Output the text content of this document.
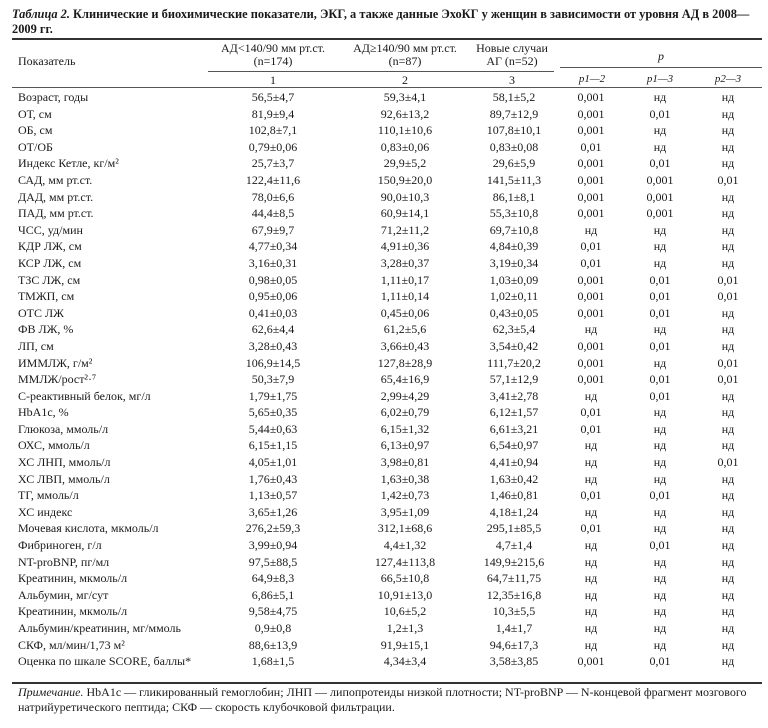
Таблица 2. Клинические и биохимические показатели, ЭКГ, а также данные ЭхоКГ у женщин в зависимости от уровня АД в 2008—2009 гг.
Показатель
АД<140/90 мм рт.ст.
(n=174)
АД≥140/90 мм рт.ст.
(n=87)
Новые случаи
АГ (n=52)	p
1	2	3	p1—2	p1—3	p2—3
Возраст, годы	56,5±4,7	59,3±4,1	58,1±5,2	0,001	нд	нд
ОТ, см	81,9±9,4	92,6±13,2	89,7±12,9	0,001	0,01	нд
ОБ, см	102,8±7,1	110,1±10,6	107,8±10,1	0,001	нд	нд
ОТ/ОБ	0,79±0,06	0,83±0,06	0,83±0,08	0,01	нд	нд
Индекс Кетле, кг/м²	25,7±3,7	29,9±5,2	29,6±5,9	0,001	0,01	нд
САД, мм рт.ст.	122,4±11,6	150,9±20,0	141,5±11,3	0,001	0,001	0,01
ДАД, мм рт.ст.	78,0±6,6	90,0±10,3	86,1±8,1	0,001	0,001	нд
ПАД, мм рт.ст.	44,4±8,5	60,9±14,1	55,3±10,8	0,001	0,001	нд
ЧСС, уд/мин	67,9±9,7	71,2±11,2	69,7±10,8	нд	нд	нд
КДР ЛЖ, см	4,77±0,34	4,91±0,36	4,84±0,39	0,01	нд	нд
КСР ЛЖ, см	3,16±0,31	3,28±0,37	3,19±0,34	0,01	нд	нд
ТЗС ЛЖ, см	0,98±0,05	1,11±0,17	1,03±0,09	0,001	0,01	0,01
ТМЖП, см	0,95±0,06	1,11±0,14	1,02±0,11	0,001	0,01	0,01
ОТС ЛЖ	0,41±0,03	0,45±0,06	0,43±0,05	0,001	0,01	нд
ФВ ЛЖ, %	62,6±4,4	61,2±5,6	62,3±5,4	нд	нд	нд
ЛП, см	3,28±0,43	3,66±0,43	3,54±0,42	0,001	0,01	нд
ИММЛЖ, г/м²	106,9±14,5	127,8±28,9	111,7±20,2	0,001	нд	0,01
ММЛЖ/рост²·⁷	50,3±7,9	65,4±16,9	57,1±12,9	0,001	0,01	0,01
С-реактивный белок, мг/л	1,79±1,75	2,99±4,29	3,41±2,78	нд	0,01	нд
HbA1c, %	5,65±0,35	6,02±0,79	6,12±1,57	0,01	нд	нд
Глюкоза, ммоль/л	5,44±0,63	6,15±1,32	6,61±3,21	0,01	нд	нд
ОХС, ммоль/л	6,15±1,15	6,13±0,97	6,54±0,97	нд	нд	нд
ХС ЛНП, ммоль/л	4,05±1,01	3,98±0,81	4,41±0,94	нд	нд	0,01
ХС ЛВП, ммоль/л	1,76±0,43	1,63±0,38	1,63±0,42	нд	нд	нд
ТГ, ммоль/л	1,13±0,57	1,42±0,73	1,46±0,81	0,01	0,01	нд
ХС индекс	3,65±1,26	3,95±1,09	4,18±1,24	нд	нд	нд
Мочевая кислота, мкмоль/л	276,2±59,3	312,1±68,6	295,1±85,5	0,01	нд	нд
Фибриноген, г/л	3,99±0,94	4,4±1,32	4,7±1,4	нд	0,01	нд
NT-proBNP, пг/мл	97,5±88,5	127,4±113,8	149,9±215,6	нд	нд	нд
Креатинин, мкмоль/л	64,9±8,3	66,5±10,8	64,7±11,75	нд	нд	нд
Альбумин, мг/сут	6,86±5,1	10,91±13,0	12,35±16,8	нд	нд	нд
Креатинин, мкмоль/л	9,58±4,75	10,6±5,2	10,3±5,5	нд	нд	нд
Альбумин/креатинин, мг/ммоль	0,9±0,8	1,2±1,3	1,4±1,7	нд	нд	нд
СКФ, мл/мин/1,73 м²	88,6±13,9	91,9±15,1	94,6±17,3	нд	нд	нд
Оценка по шкале SCORE, баллы*	1,68±1,5	4,34±3,4	3,58±3,85	0,001	0,01	нд
Примечание. HbA1c — гликированный гемоглобин; ЛНП — липопротеиды низкой плотности; NT-proBNP — N-концевой фрагмент мозгового натрийуретического пептида; СКФ — скорость клубочковой фильтрации.
